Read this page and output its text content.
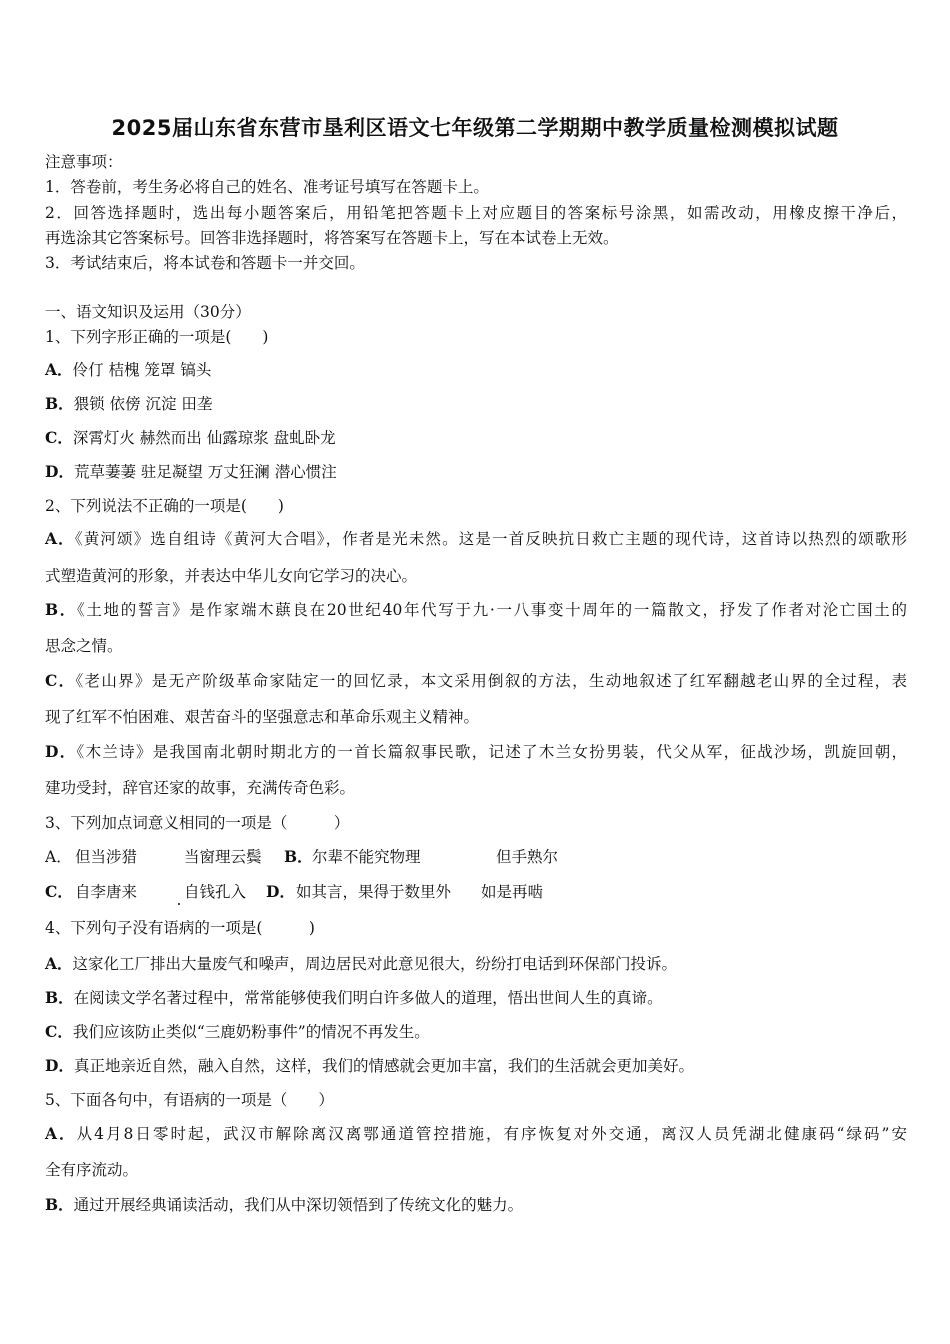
2025届山东省东营市垦利区语文七年级第二学期期中教学质量检测模拟试题
注意事项：
1．答卷前，考生务必将自己的姓名、准考证号填写在答题卡上。
2．回答选择题时，选出每小题答案后，用铅笔把答题卡上对应题目的答案标号涂黑，如需改动，用橡皮擦干净后，
再选涂其它答案标号。回答非选择题时，将答案写在答题卡上，写在本试卷上无效。
3．考试结束后，将本试卷和答题卡一并交回。
一、语文知识及运用（30分）
1、下列字形正确的一项是(　　)
A．伶仃 桔槐 笼罩 镐头
B．猥锁 依傍 沉淀 田垄
C．深霄灯火 赫然而出 仙露琼浆 盘虬卧龙
D．荒草萋萋 驻足凝望 万丈狂澜 潜心惯注
2、下列说法不正确的一项是(　　)
A．《黄河颂》选自组诗《黄河大合唱》，作者是光未然。这是一首反映抗日救亡主题的现代诗，这首诗以热烈的颂歌形
式塑造黄河的形象，并表达中华儿女向它学习的决心。
B．《土地的誓言》是作家端木蕻良在20世纪40年代写于九·一八事变十周年的一篇散文，抒发了作者对沦亡国土的
思念之情。
C．《老山界》是无产阶级革命家陆定一的回忆录，本文采用倒叙的方法，生动地叙述了红军翻越老山界的全过程，表
现了红军不怕困难、艰苦奋斗的坚强意志和革命乐观主义精神。
D．《木兰诗》是我国南北朝时期北方的一首长篇叙事民歌，记述了木兰女扮男装，代父从军，征战沙场，凯旋回朝，
建功受封，辞官还家的故事，充满传奇色彩。
3、下列加点词意义相同的一项是（　　　）
A． 但当涉猎	当窗理云鬓 B． 尔辈不能究物理	但手熟尔
C． 自李唐来	自钱孔入 D． 如其言，果得于数里外 如是再啮
4、下列句子没有语病的一项是(　　　)
A．这家化工厂排出大量废气和噪声，周边居民对此意见很大，纷纷打电话到环保部门投诉。
B．在阅读文学名著过程中，常常能够使我们明白许多做人的道理，悟出世间人生的真谛。
C．我们应该防止类似“三鹿奶粉事件”的情况不再发生。
D．真正地亲近自然，融入自然，这样，我们的情感就会更加丰富，我们的生活就会更加美好。
5、下面各句中，有语病的一项是（　　）
A．从4月8日零时起，武汉市解除离汉离鄂通道管控措施，有序恢复对外交通，离汉人员凭湖北健康码“绿码”安
全有序流动。
B．通过开展经典诵读活动，我们从中深切领悟到了传统文化的魅力。
